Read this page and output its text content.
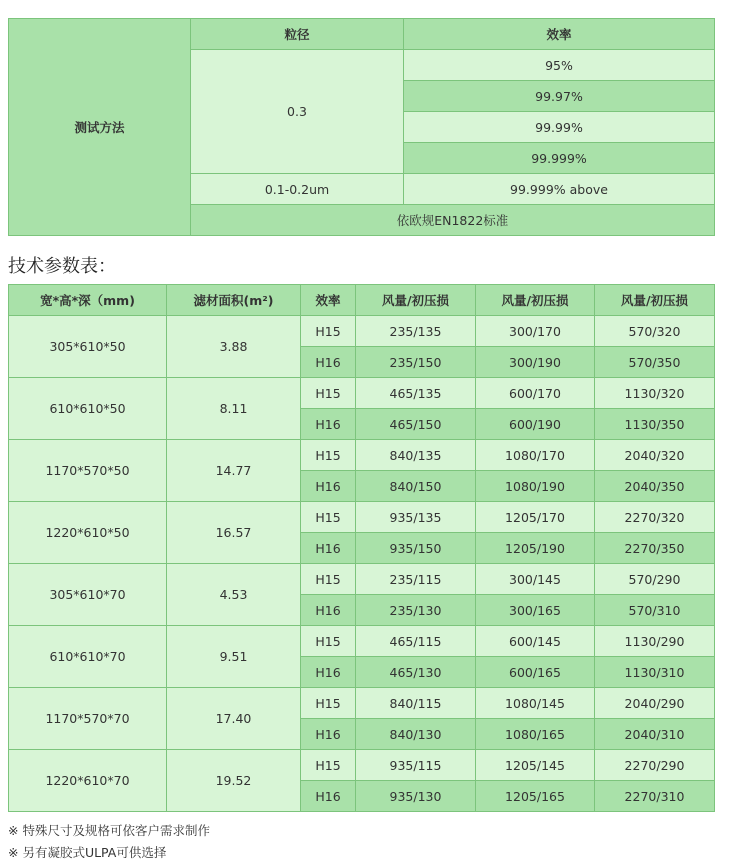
测试方法	粒径	效率
	0.3	95%
		99.97%
		99.99%
		99.999%
	0.1-0.2um	99.999% above
	依欧规EN1822标准	
技术参数表：
宽*高*深（mm)	滤材面积(m²)	效率	风量/初压损	风量/初压损	风量/初压损
305*610*50	3.88	H15	235/135	300/170	570/320
		H16	235/150	300/190	570/350
610*610*50	8.11	H15	465/135	600/170	1130/320
		H16	465/150	600/190	1130/350
1170*570*50	14.77	H15	840/135	1080/170	2040/320
		H16	840/150	1080/190	2040/350
1220*610*50	16.57	H15	935/135	1205/170	2270/320
		H16	935/150	1205/190	2270/350
305*610*70	4.53	H15	235/115	300/145	570/290
		H16	235/130	300/165	570/310
610*610*70	9.51	H15	465/115	600/145	1130/290
		H16	465/130	600/165	1130/310
1170*570*70	17.40	H15	840/115	1080/145	2040/290
		H16	840/130	1080/165	2040/310
1220*610*70	19.52	H15	935/115	1205/145	2270/290
		H16	935/130	1205/165	2270/310
※ 特殊尺寸及规格可依客户需求制作
※ 另有凝胶式ULPA可供选择
